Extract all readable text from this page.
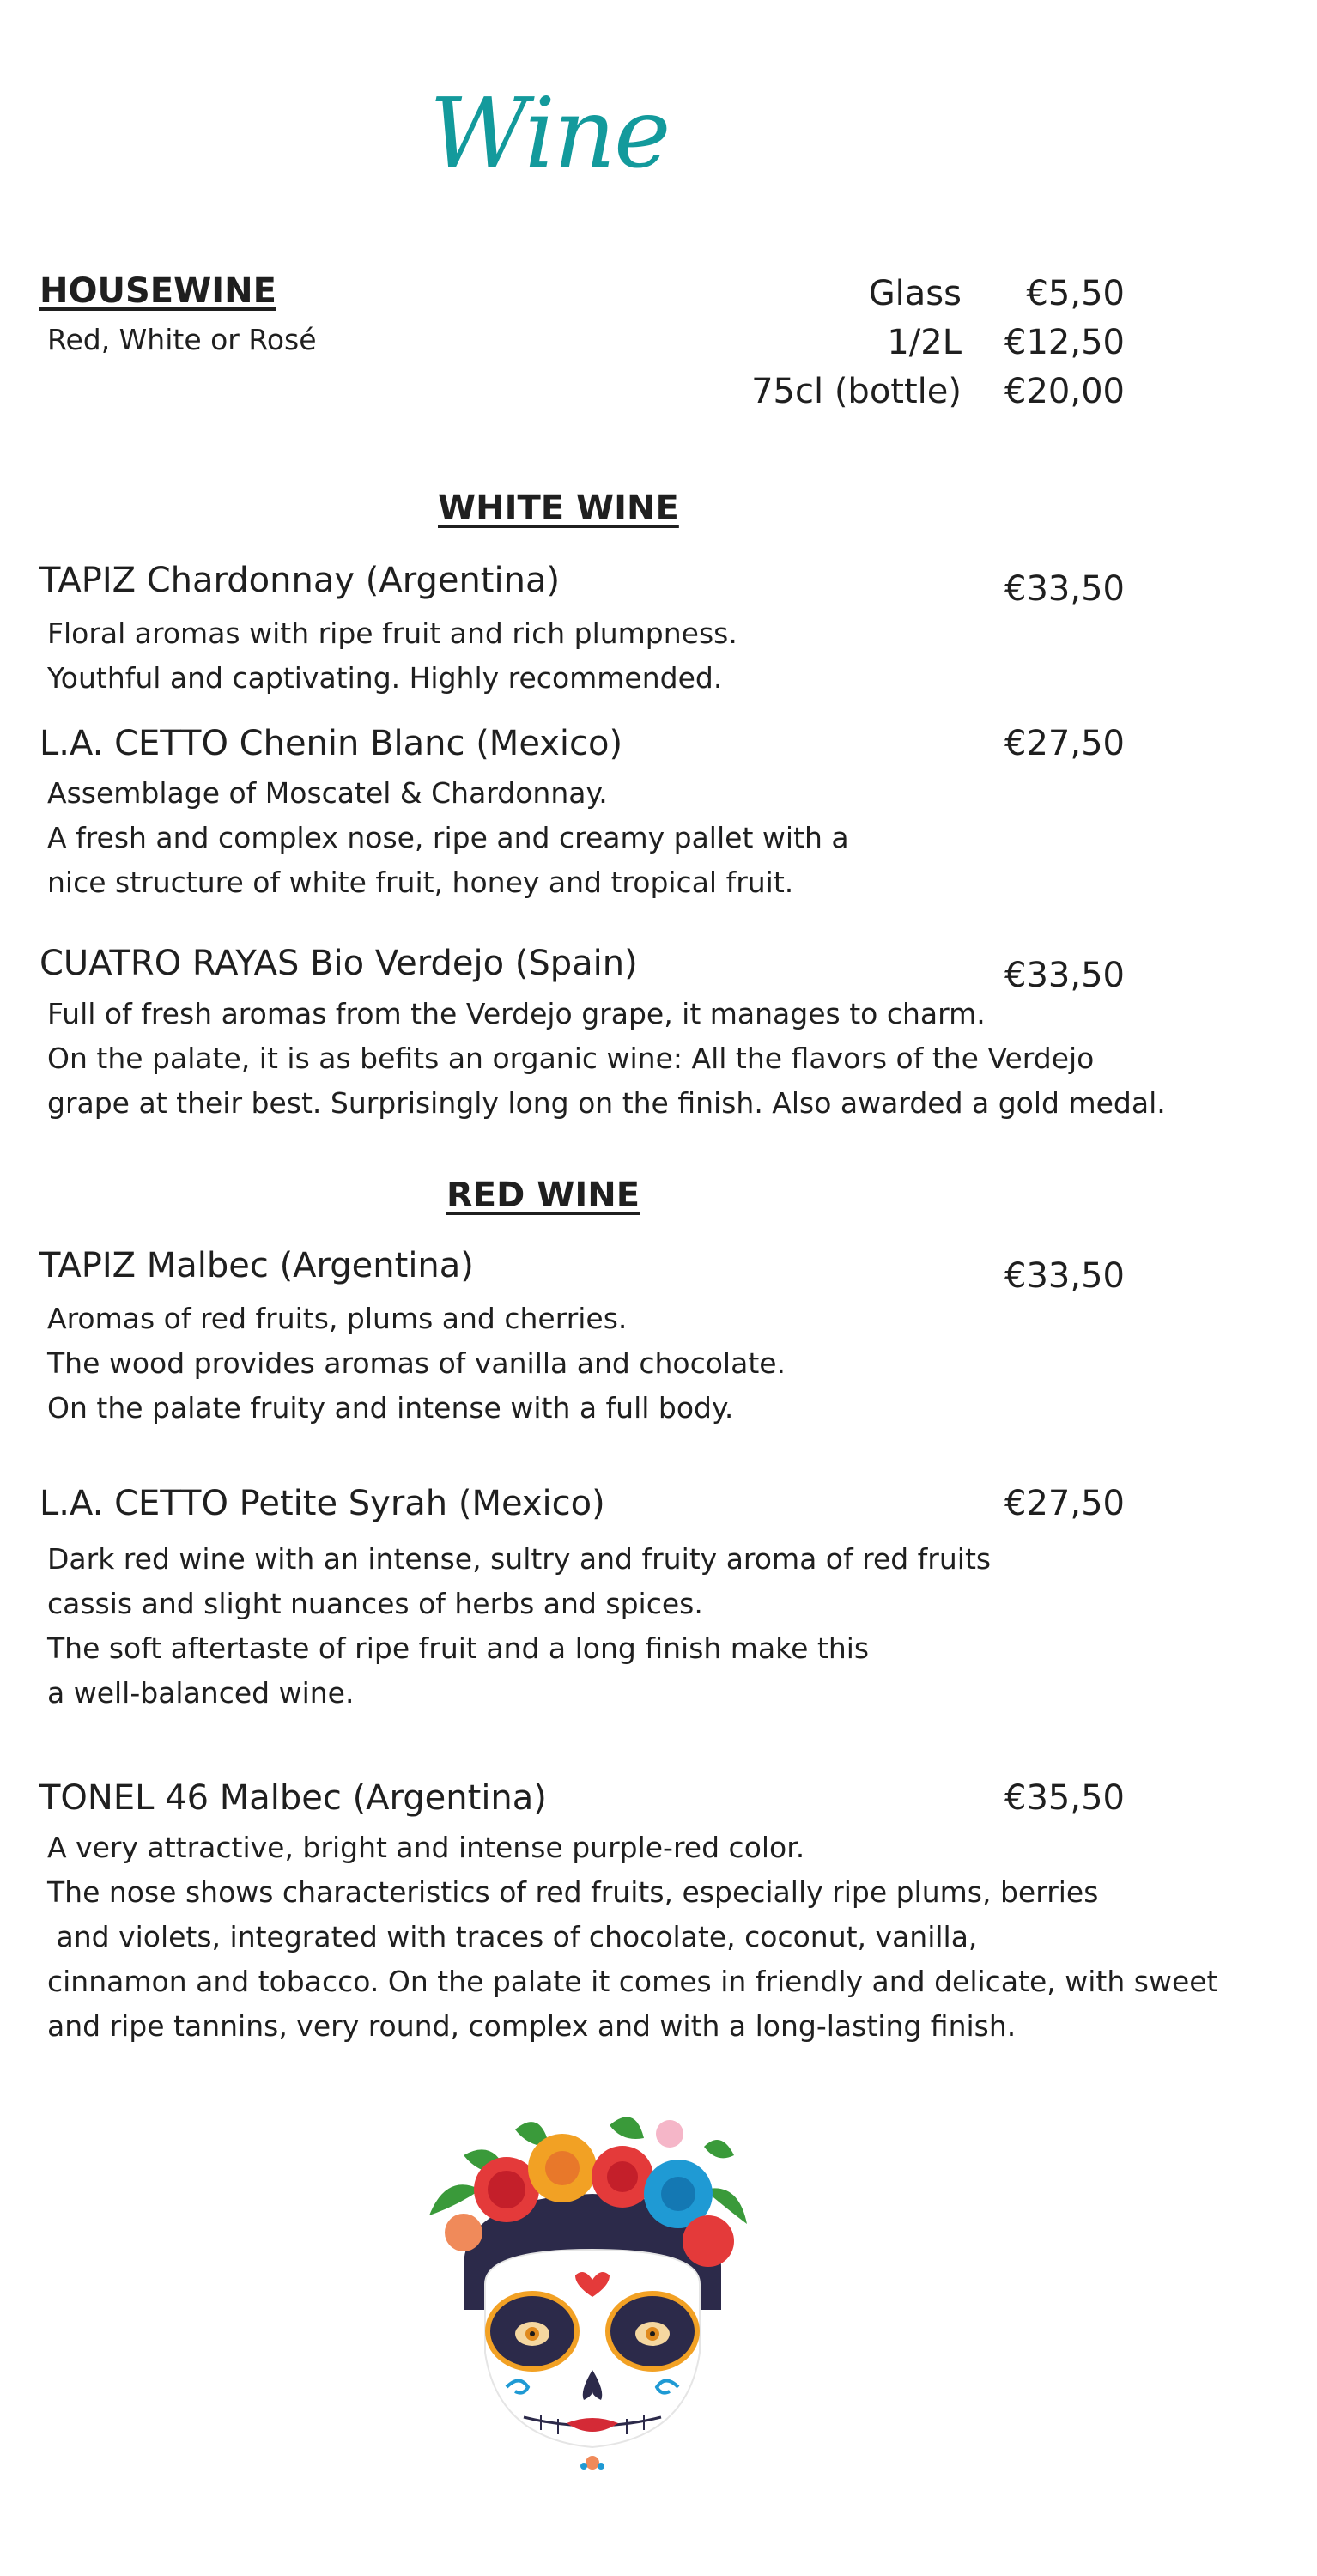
Wine
HOUSEWINE
Red, White or Rosé
Glass	€5,50
1/2L	€12,50
75cl (bottle)	€20,00
WHITE WINE
TAPIZ Chardonnay (Argentina)	€33,50
Floral aromas with ripe fruit and rich plumpness.
Youthful and captivating. Highly recommended.
L.A. CETTO Chenin Blanc (Mexico)	€27,50
Assemblage of Moscatel & Chardonnay.
A fresh and complex nose, ripe and creamy pallet with a
nice structure of white fruit, honey and tropical fruit.
CUATRO RAYAS Bio Verdejo (Spain)	€33,50
Full of fresh aromas from the Verdejo grape, it manages to charm.
On the palate, it is as befits an organic wine: All the flavors of the Verdejo
grape at their best. Surprisingly long on the finish. Also awarded a gold medal.
RED WINE
TAPIZ Malbec (Argentina)	€33,50
Aromas of red fruits, plums and cherries.
The wood provides aromas of vanilla and chocolate.
On the palate fruity and intense with a full body.
L.A. CETTO Petite Syrah (Mexico)	€27,50
Dark red wine with an intense, sultry and fruity aroma of red fruits
cassis and slight nuances of herbs and spices.
The soft aftertaste of ripe fruit and a long finish make this
a well-balanced wine.
TONEL 46 Malbec (Argentina)	€35,50
A very attractive, bright and intense purple-red color.
The nose shows characteristics of red fruits, especially ripe plums, berries
and violets, integrated with traces of chocolate, coconut, vanilla,
cinnamon and tobacco. On the palate it comes in friendly and delicate, with sweet
and ripe tannins, very round, complex and with a long-lasting finish.
